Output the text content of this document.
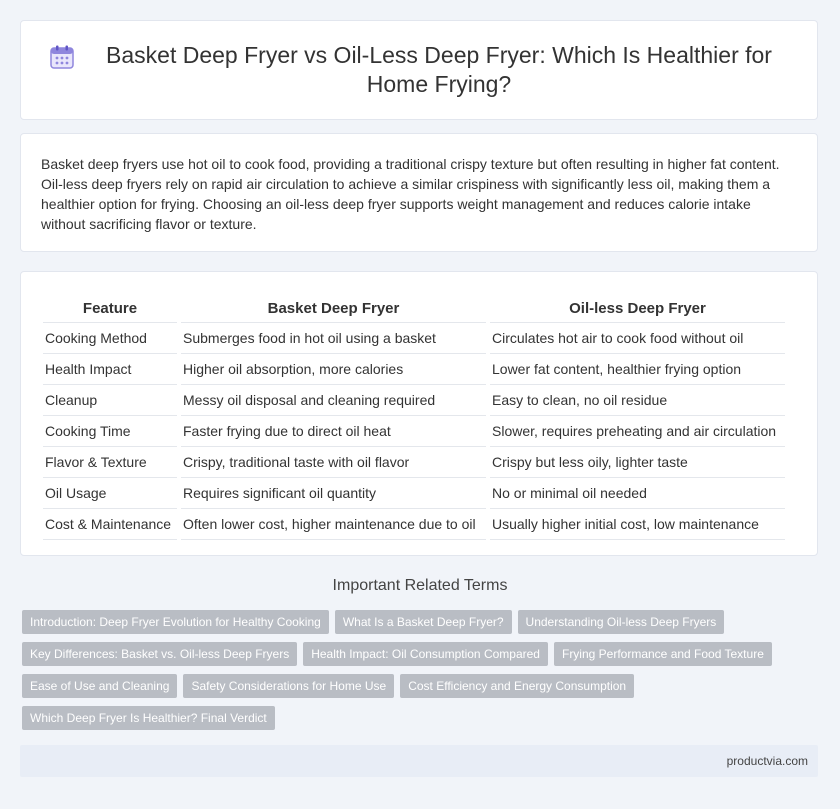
Basket Deep Fryer vs Oil-Less Deep Fryer: Which Is Healthier for Home Frying?

Basket deep fryers use hot oil to cook food, providing a traditional crispy texture but often resulting in higher fat content. Oil-less deep fryers rely on rapid air circulation to achieve a similar crispiness with significantly less oil, making them a healthier option for frying. Choosing an oil-less deep fryer supports weight management and reduces calorie intake without sacrificing flavor or texture.

Feature	Basket Deep Fryer	Oil-less Deep Fryer
Cooking Method	Submerges food in hot oil using a basket	Circulates hot air to cook food without oil
Health Impact	Higher oil absorption, more calories	Lower fat content, healthier frying option
Cleanup	Messy oil disposal and cleaning required	Easy to clean, no oil residue
Cooking Time	Faster frying due to direct oil heat	Slower, requires preheating and air circulation
Flavor & Texture	Crispy, traditional taste with oil flavor	Crispy but less oily, lighter taste
Oil Usage	Requires significant oil quantity	No or minimal oil needed
Cost & Maintenance	Often lower cost, higher maintenance due to oil	Usually higher initial cost, low maintenance
Important Related Terms
Introduction: Deep Fryer Evolution for Healthy Cooking	What Is a Basket Deep Fryer?	Understanding Oil-less Deep Fryers
Key Differences: Basket vs. Oil-less Deep Fryers	Health Impact: Oil Consumption Compared	Frying Performance and Food Texture
Ease of Use and Cleaning	Safety Considerations for Home Use	Cost Efficiency and Energy Consumption
Which Deep Fryer Is Healthier? Final Verdict
productvia.com
